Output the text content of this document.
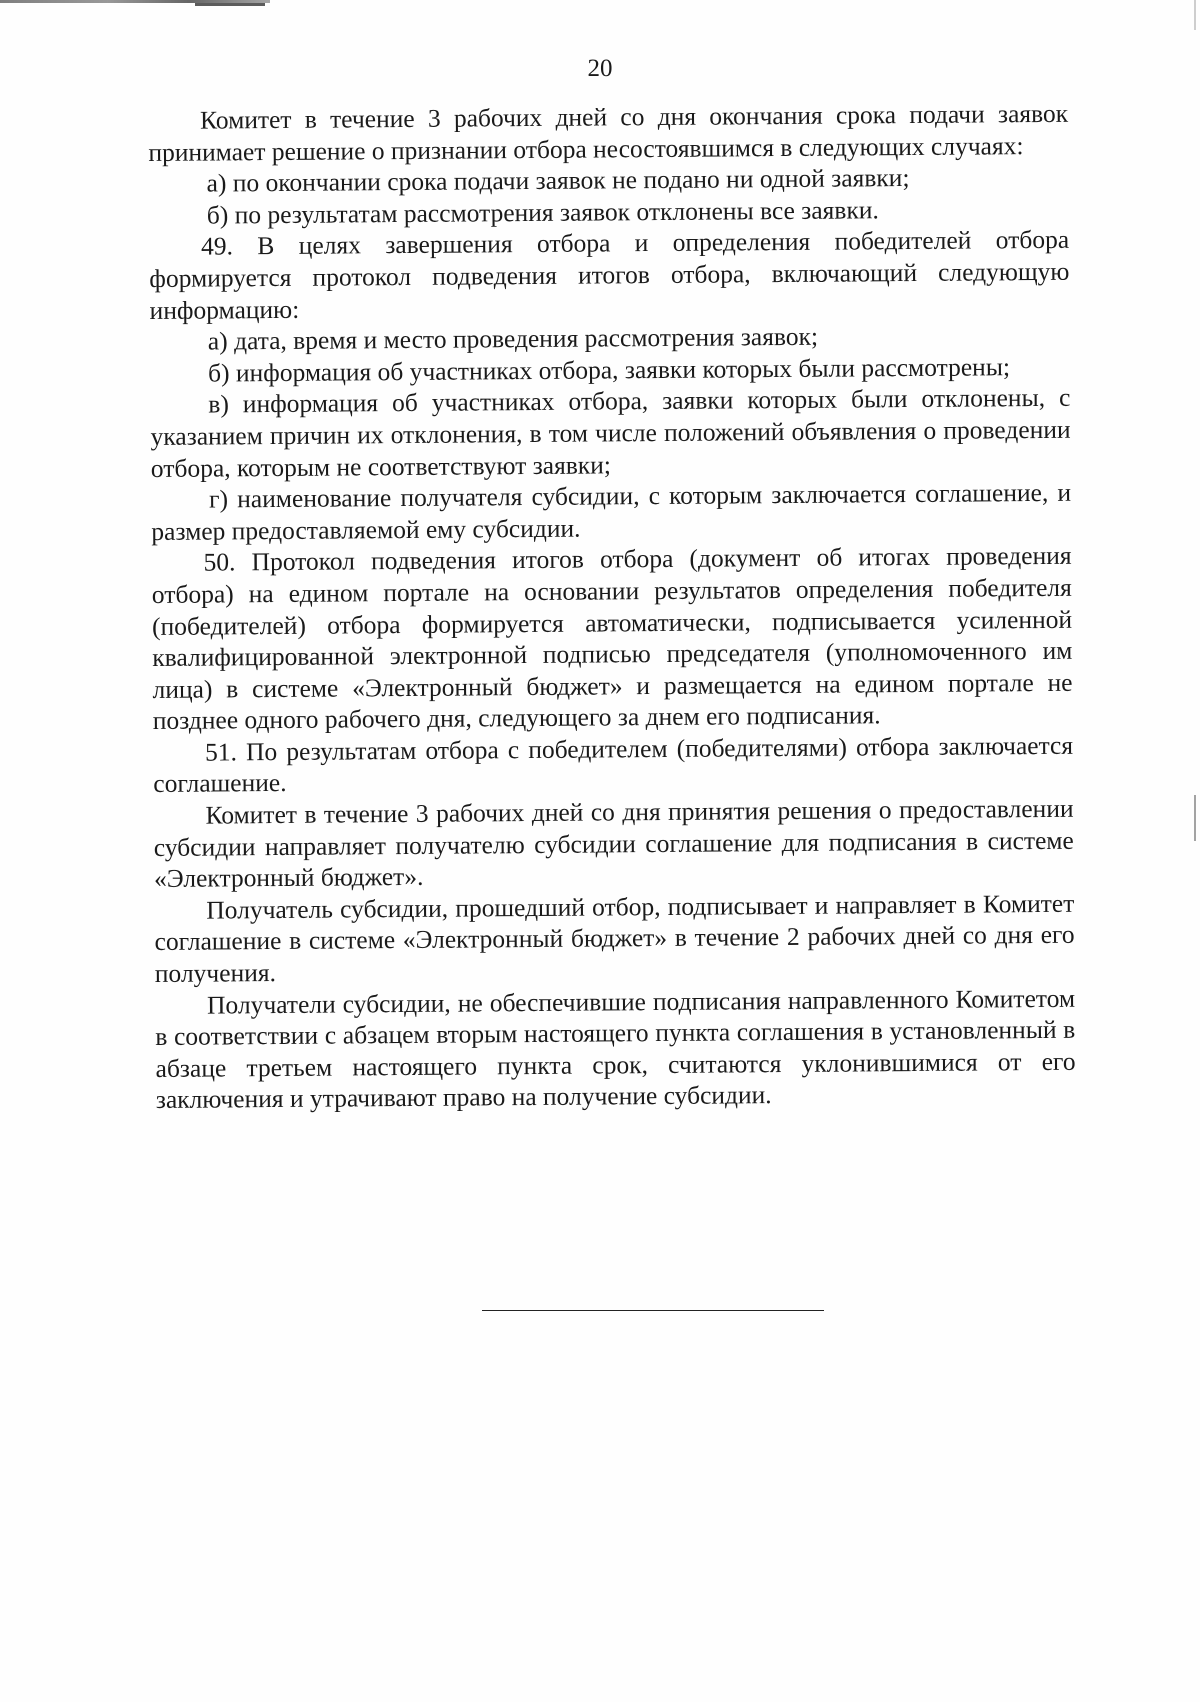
20

Комитет в течение 3 рабочих дней со дня окончания срока подачи заявок принимает решение о признании отбора несостоявшимся в следующих случаях:

а) по окончании срока подачи заявок не подано ни одной заявки;

б) по результатам рассмотрения заявок отклонены все заявки.

49. В целях завершения отбора и определения победителей отбора формируется протокол подведения итогов отбора, включающий следующую информацию:

а) дата, время и место проведения рассмотрения заявок;

б) информация об участниках отбора, заявки которых были рассмотрены;

в) информация об участниках отбора, заявки которых были отклонены, с указанием причин их отклонения, в том числе положений объявления о проведении отбора, которым не соответствуют заявки;

г) наименование получателя субсидии, с которым заключается соглашение, и размер предоставляемой ему субсидии.

50. Протокол подведения итогов отбора (документ об итогах проведения отбора) на едином портале на основании результатов определения победителя (победителей) отбора формируется автоматически, подписывается усиленной квалифицированной электронной подписью председателя (уполномоченного им лица) в системе «Электронный бюджет» и размещается на едином портале не позднее одного рабочего дня, следующего за днем его подписания.

51. По результатам отбора с победителем (победителями) отбора заключается соглашение.

Комитет в течение 3 рабочих дней со дня принятия решения о предоставлении субсидии направляет получателю субсидии соглашение для подписания в системе «Электронный бюджет».

Получатель субсидии, прошедший отбор, подписывает и направляет в Комитет соглашение в системе «Электронный бюджет» в течение 2 рабочих дней со дня его получения.

Получатели субсидии, не обеспечившие подписания направленного Комитетом в соответствии с абзацем вторым настоящего пункта соглашения в установленный в абзаце третьем настоящего пункта срок, считаются уклонившимися от его заключения и утрачивают право на получение субсидии.
